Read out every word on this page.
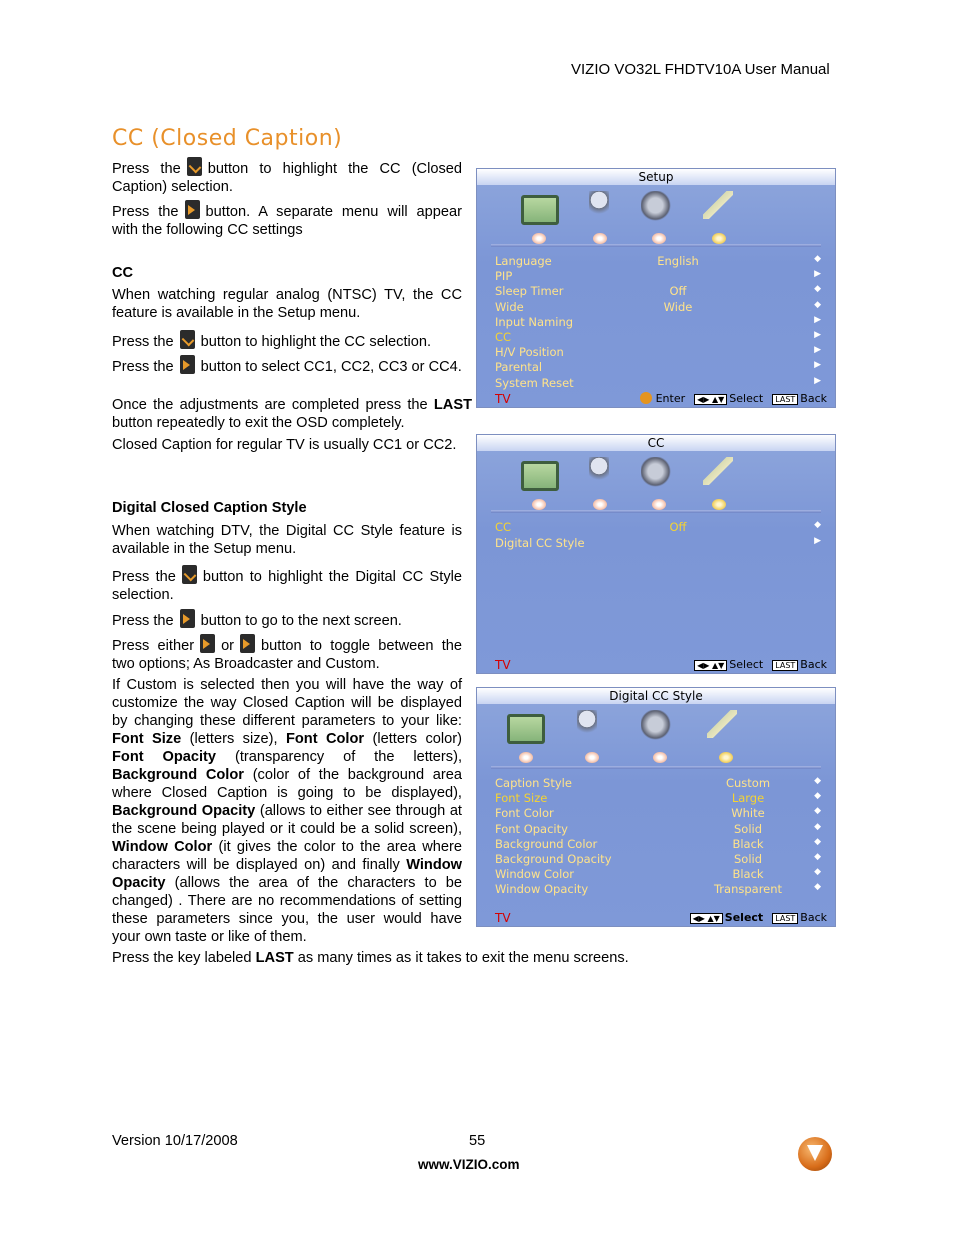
VIZIO VO32L FHDTV10A User Manual
CC (Closed Caption)

Press the button to highlight the CC (Closed Caption) selection.

Press the button. A separate menu will appear with the following CC settings

CC
When watching regular analog (NTSC) TV, the CC feature is available in the Setup menu.
Press the button to highlight the CC selection.
Press the button to select CC1, CC2, CC3 or CC4.
Once the adjustments are completed press the LAST button repeatedly to exit the OSD completely.
Closed Caption for regular TV is usually CC1 or CC2.
Digital Closed Caption Style
When watching DTV, the Digital CC Style feature is available in the Setup menu.
Press the button to highlight the Digital CC Style selection.
Press the button to go to the next screen.
Press either or button to toggle between the two options; As Broadcaster and Custom.
If Custom is selected then you will have the way of customize the way Closed Caption will be displayed by changing these different parameters to your like: Font Size (letters size), Font Color (letters color) Font Opacity (transparency of the letters), Background Color (color of the background area where Closed Caption is going to be displayed), Background Opacity (allows to either see through at the scene being played or it could be a solid screen), Window Color (it gives the color to the area where characters will be displayed on) and finally Window Opacity (allows the area of the characters to be changed) . There are no recommendations of setting these parameters since you, the user would have your own taste or like of them.
Press the key labeled LAST as many times as it takes to exit the menu screens.
Setup
Language	English	◆
PIP	▶
Sleep Timer	Off	◆
Wide	Wide	◆
Input Naming	▶
CC	▶
H/V Position	▶
Parental	▶
System Reset	▶
TV	Enter ◀▶ ▲▼ Select LAST Back
CC
CC	Off	◆
Digital CC Style	▶
TV	◀▶ ▲▼ Select LAST Back
Digital CC Style
Caption Style	Custom	◆
Font Size	Large	◆
Font Color	White	◆
Font Opacity	Solid	◆
Background Color	Black	◆
Background Opacity	Solid	◆
Window Color	Black	◆
Window Opacity	Transparent	◆
TV	◀▶ ▲▼ Select LAST Back
Version 10/17/2008	55
www.VIZIO.com
